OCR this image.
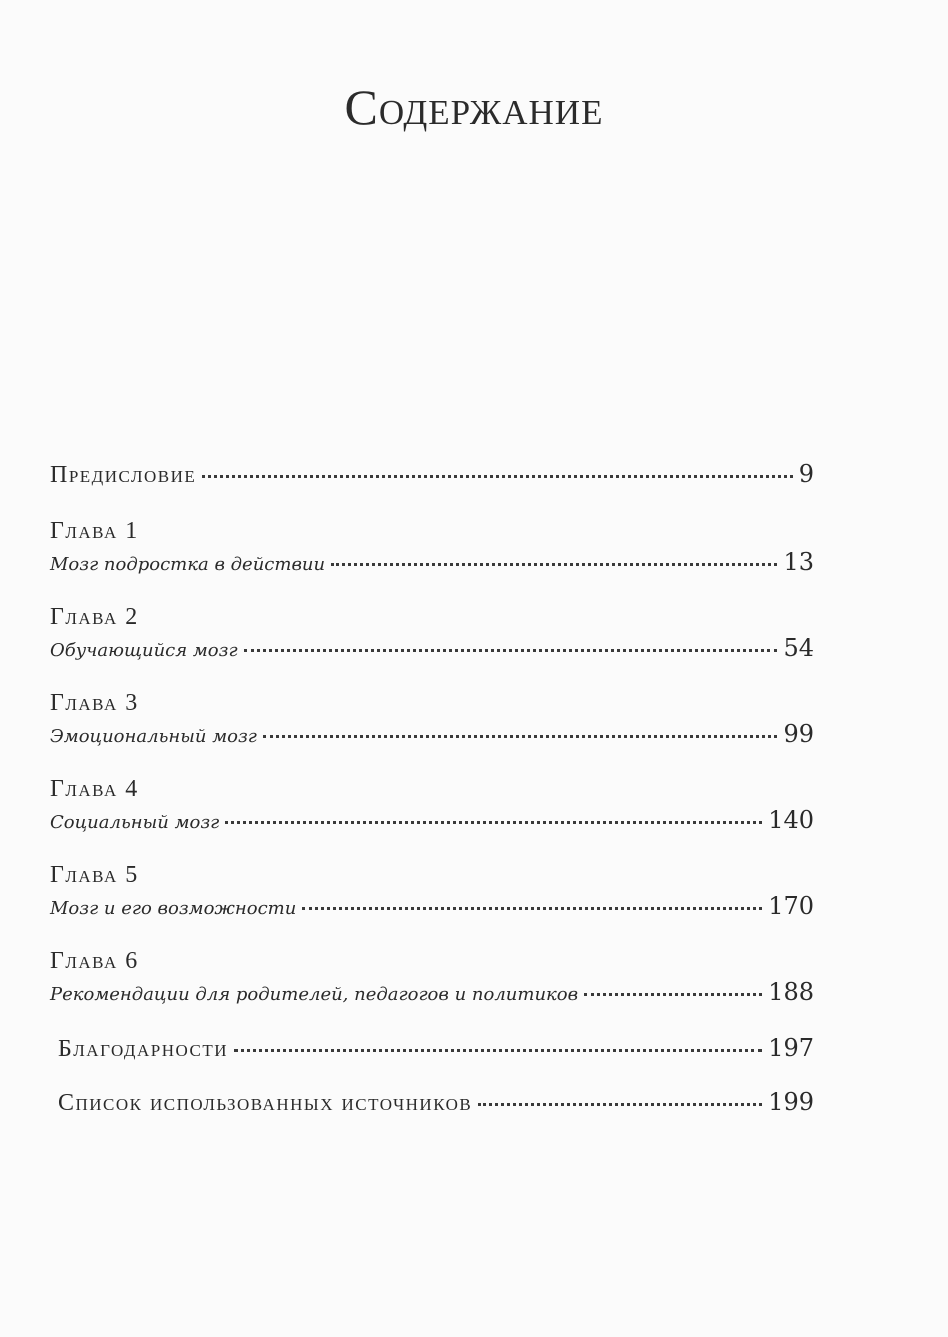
Содержание
Предисловие	9
Глава 1
Мозг подростка в действии	13
Глава 2
Обучающийся мозг	54
Глава 3
Эмоциональный мозг	99
Глава 4
Социальный мозг	140
Глава 5
Мозг и его возможности	170
Глава 6
Рекомендации для родителей, педагогов и политиков	188
Благодарности	197
Список использованных источников	199
